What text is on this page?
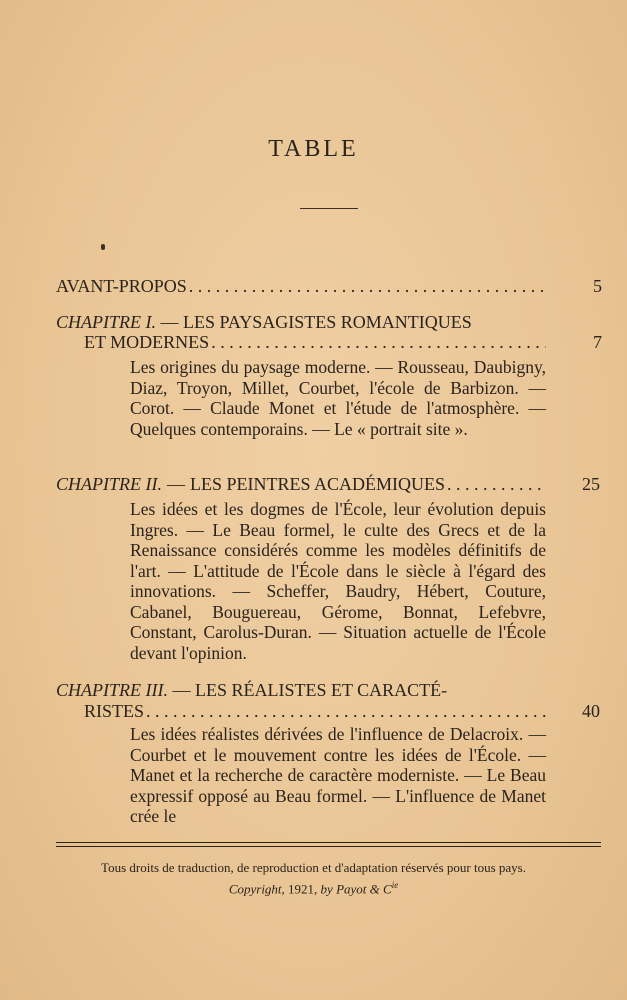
TABLE
AVANT-PROPOS . . .	5
CHAPITRE I. — LES PAYSAGISTES ROMANTIQUES
ET MODERNES . . .	7
Les origines du paysage moderne. — Rousseau, Daubigny, Diaz, Troyon, Millet, Courbet, l'école de Barbizon. — Corot. — Claude Monet et l'étude de l'atmosphère. — Quelques contemporains. — Le « portrait site ».
CHAPITRE II. — LES PEINTRES ACADÉMIQUES . . .	25
Les idées et les dogmes de l'École, leur évolution depuis Ingres. — Le Beau formel, le culte des Grecs et de la Renaissance considérés comme les modèles définitifs de l'art. — L'attitude de l'École dans le siècle à l'égard des innovations. — Scheffer, Baudry, Hébert, Couture, Cabanel, Bouguereau, Gérome, Bonnat, Lefebvre, Constant, Carolus-Duran. — Situation actuelle de l'École devant l'opinion.
CHAPITRE III. — LES RÉALISTES ET CARACTÉ-
RISTES . . .	40
Les idées réalistes dérivées de l'influence de Delacroix. — Courbet et le mouvement contre les idées de l'École. — Manet et la recherche de caractère moderniste. — Le Beau expressif opposé au Beau formel. — L'influence de Manet crée le
Tous droits de traduction, de reproduction et d'adaptation réservés pour tous pays.
Copyright, 1921, by Payot & $C^{ie}$
